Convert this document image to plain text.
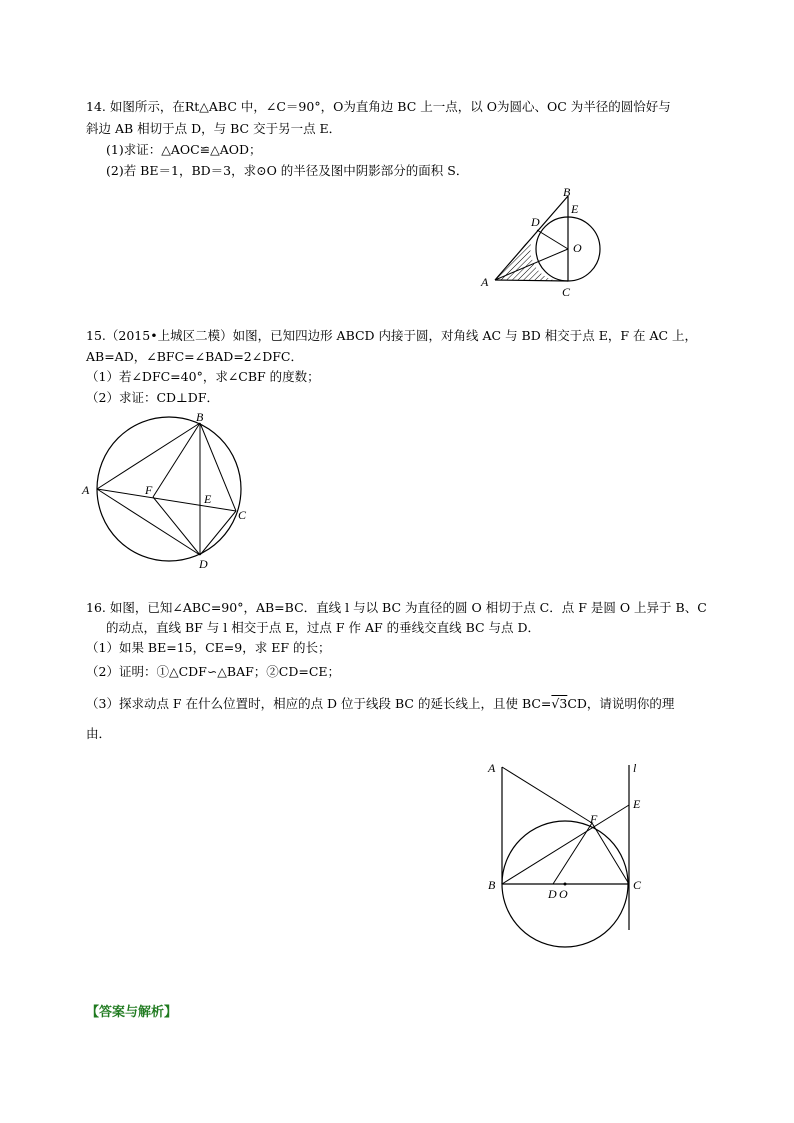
14. 如图所示，在Rt△ABC 中，∠C＝90°，O为直角边 BC 上一点，以 O为圆心、OC 为半径的圆恰好与
斜边 AB 相切于点 D，与 BC 交于另一点 E．
(1)求证：△AOC≌△AOD；
(2)若 BE＝1，BD＝3，求⊙O 的半径及图中阴影部分的面积 S．
A
B
C
D
E
O
15.（2015•上城区二模）如图，已知四边形 ABCD 内接于圆，对角线 AC 与 BD 相交于点 E，F 在 AC 上，
AB=AD，∠BFC=∠BAD=2∠DFC．
（1）若∠DFC=40°，求∠CBF 的度数；
（2）求证：CD⊥DF．
A
B
C
D
E
F
16. 如图，已知∠ABC=90°，AB=BC．直线 l 与以 BC 为直径的圆 O 相切于点 C．点 F 是圆 O 上异于 B、C
的动点，直线 BF 与 l 相交于点 E，过点 F 作 AF 的垂线交直线 BC 与点 D．
（1）如果 BE=15，CE=9，求 EF 的长；
（2）证明：①△CDF∽△BAF；②CD=CE；
（3）探求动点 F 在什么位置时，相应的点 D 位于线段 BC 的延长线上，且使 BC=√3CD，请说明你的理
由．
A
B	C
D O
E
F
l
【答案与解析】
